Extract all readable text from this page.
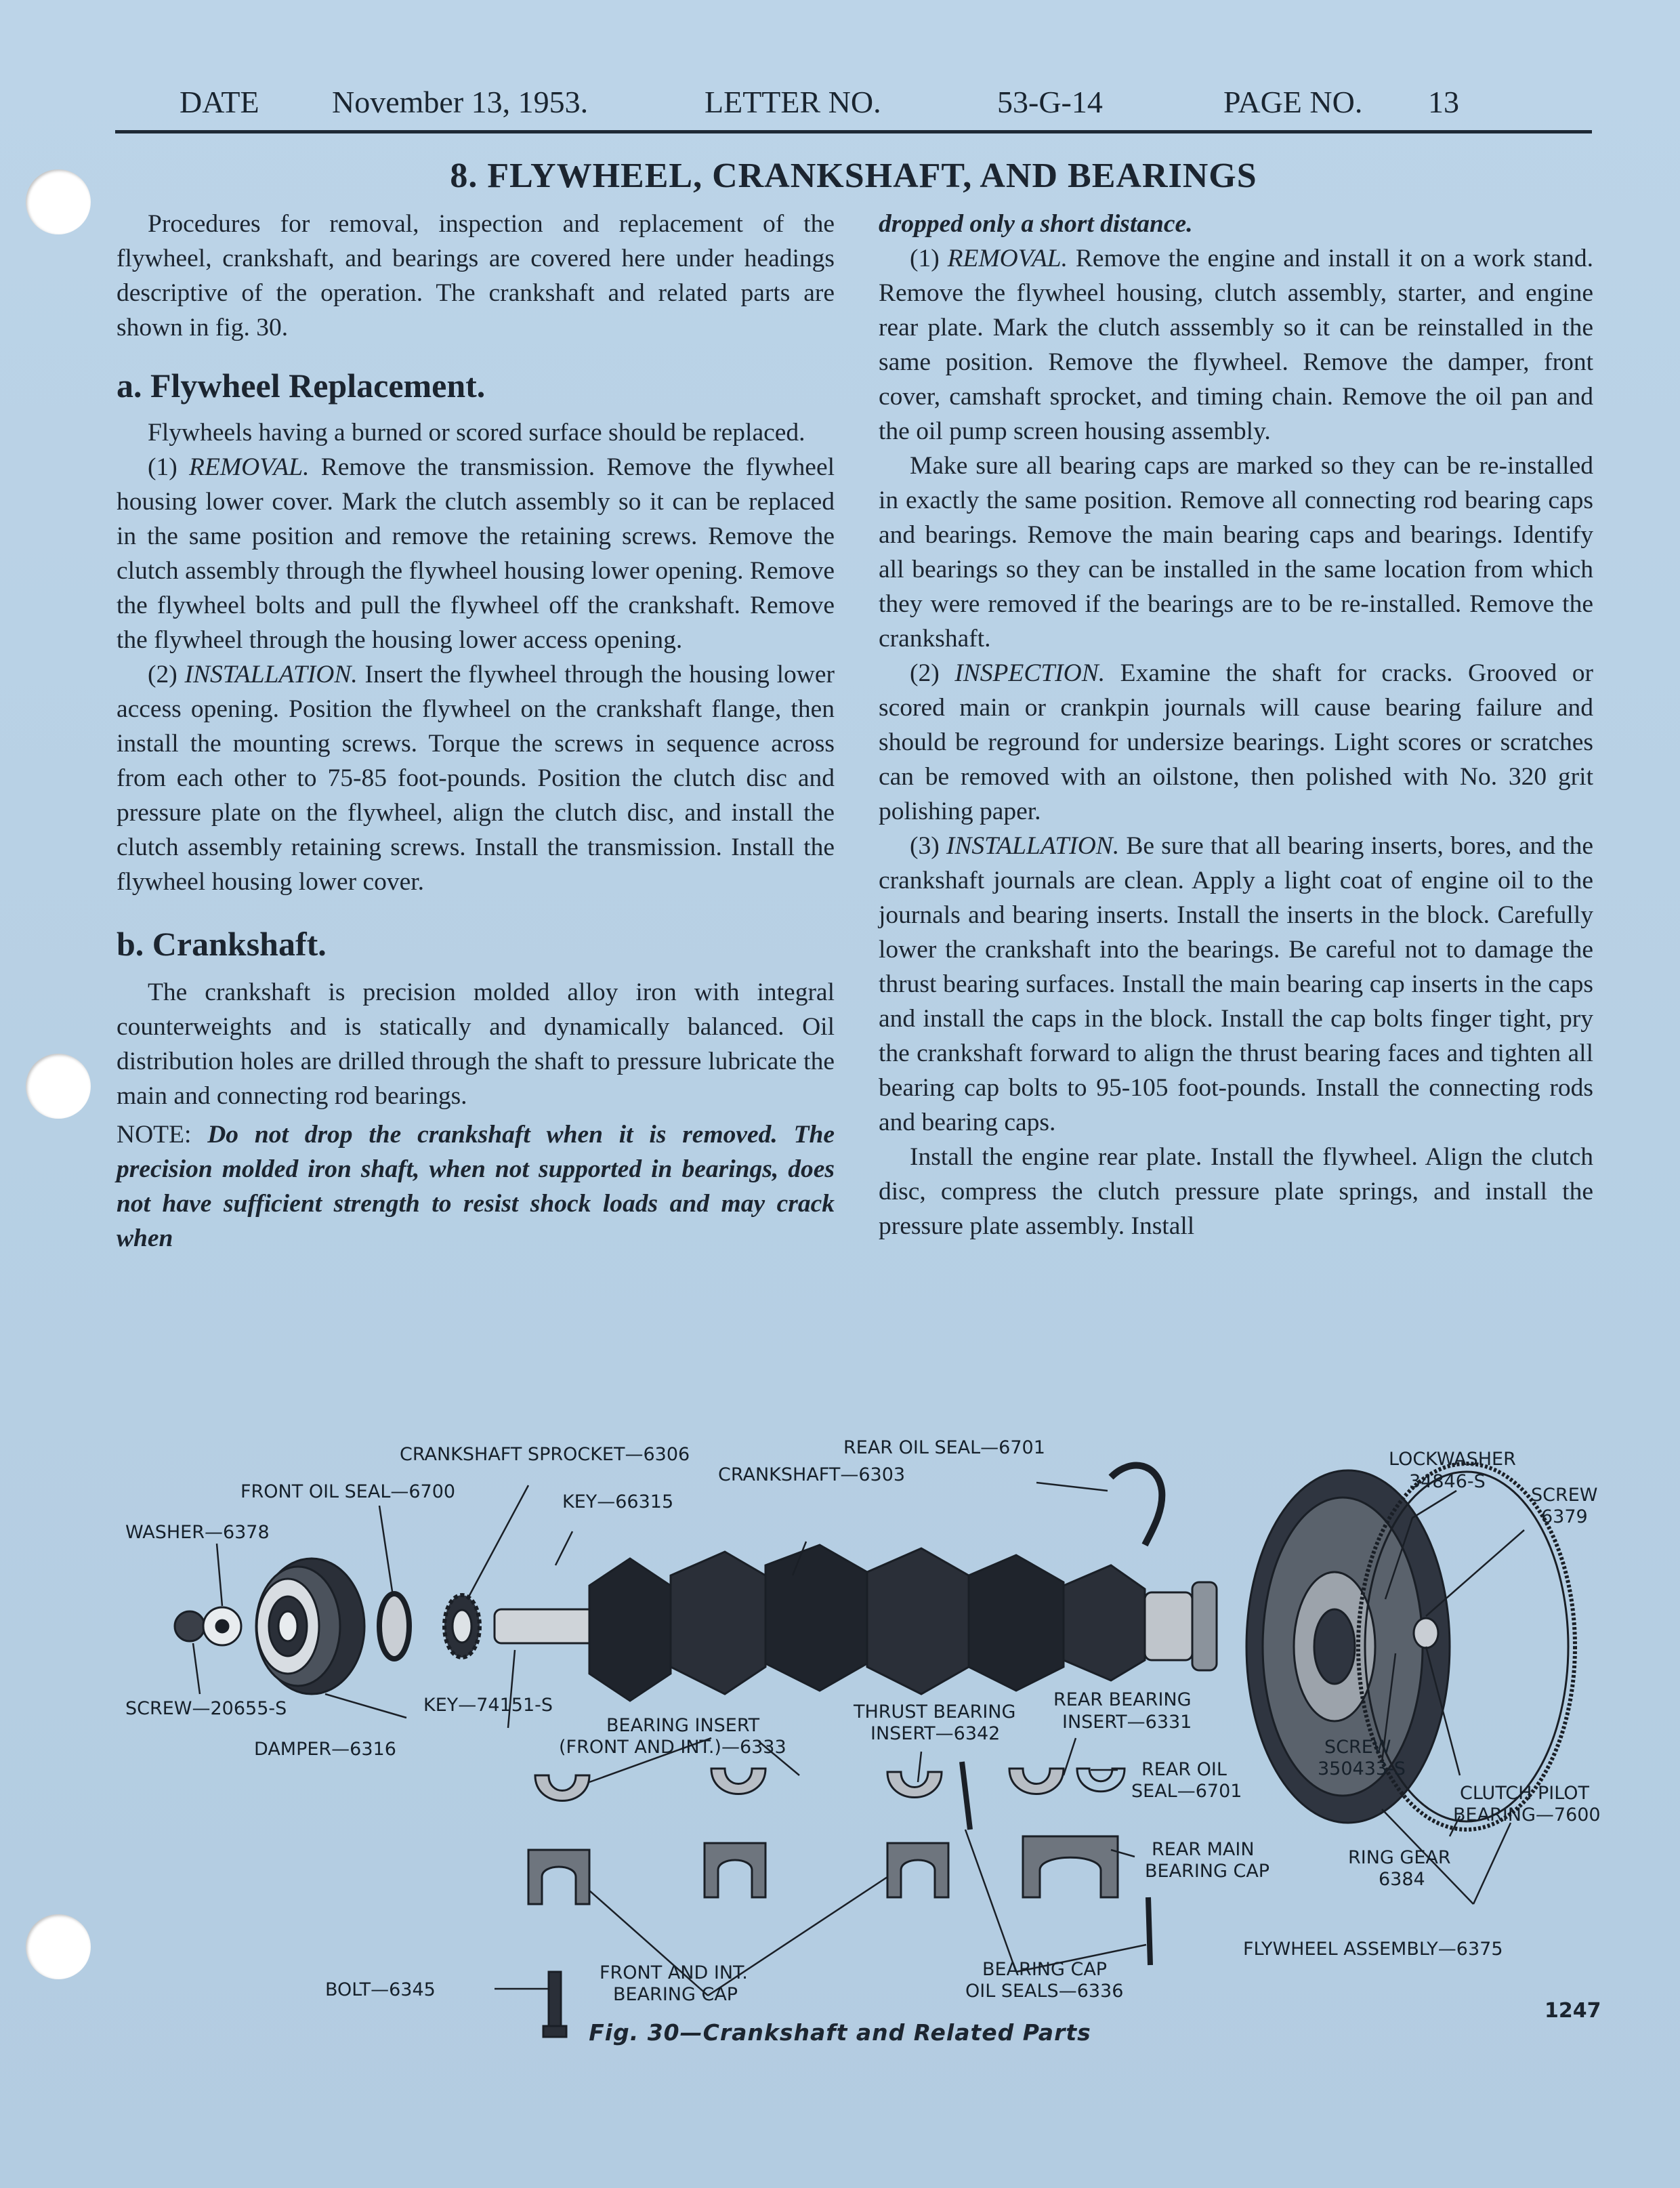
DATE November 13, 1953.	LETTER NO.	53-G-14	PAGE NO. 13
8. FLYWHEEL, CRANKSHAFT, AND BEARINGS

Procedures for removal, inspection and replacement of the flywheel, crankshaft, and bearings are covered here under headings descriptive of the operation. The crankshaft and related parts are shown in fig. 30.

a. Flywheel Replacement.

Flywheels having a burned or scored surface should be replaced.

(1) REMOVAL. Remove the transmission. Remove the flywheel housing lower cover. Mark the clutch assembly so it can be replaced in the same position and remove the retaining screws. Remove the clutch assembly through the flywheel housing lower opening. Remove the flywheel bolts and pull the flywheel off the crankshaft. Remove the flywheel through the housing lower access opening.

(2) INSTALLATION. Insert the flywheel through the housing lower access opening. Position the flywheel on the crankshaft flange, then install the mounting screws. Torque the screws in sequence across from each other to 75-85 foot-pounds. Position the clutch disc and pressure plate on the flywheel, align the clutch disc, and install the clutch assembly retaining screws. Install the transmission. Install the flywheel housing lower cover.

b. Crankshaft.

The crankshaft is precision molded alloy iron with integral counterweights and is statically and dynamically balanced. Oil distribution holes are drilled through the shaft to pressure lubricate the main and connecting rod bearings.

NOTE: Do not drop the crankshaft when it is removed. The precision molded iron shaft, when not supported in bearings, does not have sufficient strength to resist shock loads and may crack when

dropped only a short distance.

(1) REMOVAL. Remove the engine and install it on a work stand. Remove the flywheel housing, clutch assembly, starter, and engine rear plate. Mark the clutch asssembly so it can be reinstalled in the same position. Remove the flywheel. Remove the damper, front cover, camshaft sprocket, and timing chain. Remove the oil pan and the oil pump screen housing assembly.

Make sure all bearing caps are marked so they can be re-installed in exactly the same position. Remove all connecting rod bearing caps and bearings. Remove the main bearing caps and bearings. Identify all bearings so they can be installed in the same location from which they were removed if the bearings are to be re-installed. Remove the crankshaft.

(2) INSPECTION. Examine the shaft for cracks. Grooved or scored main or crankpin journals will cause bearing failure and should be reground for undersize bearings. Light scores or scratches can be removed with an oilstone, then polished with No. 320 grit polishing paper.

(3) INSTALLATION. Be sure that all bearing inserts, bores, and the crankshaft journals are clean. Apply a light coat of engine oil to the journals and bearing inserts. Install the inserts in the block. Carefully lower the crankshaft into the bearings. Be careful not to damage the thrust bearing surfaces. Install the main bearing cap inserts in the caps and install the caps in the block. Install the cap bolts finger tight, pry the crankshaft forward to align the thrust bearing faces and tighten all bearing cap bolts to 95-105 foot-pounds. Install the connecting rods and bearing caps.

Install the engine rear plate. Install the flywheel. Align the clutch disc, compress the clutch pressure plate springs, and install the pressure plate assembly. Install

CRANKSHAFT SPROCKET—6306
FRONT OIL SEAL—6700
WASHER—6378
KEY—66315
CRANKSHAFT—6303
REAR OIL SEAL—6701
LOCKWASHER
34846-S
SCREW
6379
SCREW—20655-S
DAMPER—6316
KEY—74151-S
BEARING INSERT
(FRONT AND INT.)—6333
THRUST BEARING
INSERT—6342
REAR BEARING
INSERT—6331
REAR OIL
SEAL—6701
SCREW
350433-S
CLUTCH PILOT
BEARING—7600
REAR MAIN
BEARING CAP
RING GEAR
6384
BOLT—6345
FRONT AND INT.
BEARING CAP
BEARING CAP
OIL SEALS—6336
FLYWHEEL ASSEMBLY—6375
Fig. 30—Crankshaft and Related Parts
1247
